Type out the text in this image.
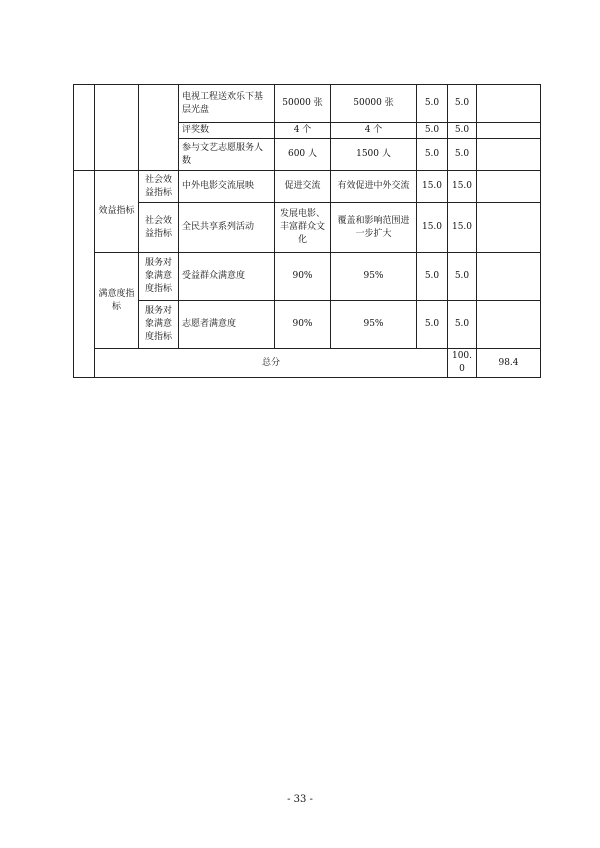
			电视工程送欢乐下基层光盘	50000 张	50000 张	5.0	5.0		
			评奖数	4 个	4 个	5.0	5.0		
			参与文艺志愿服务人数	600 人	1500 人	5.0	5.0		
	效益指标	社会效益指标	中外电影交流展映	促进交流	有效促进中外交流	15.0	15.0		
		社会效益指标	全民共享系列活动	发展电影、丰富群众文化	覆盖和影响范围进一步扩大	15.0	15.0		
	满意度指标	服务对象满意度指标	受益群众满意度	90%	95%	5.0	5.0		
		服务对象满意度指标	志愿者满意度	90%	95%	5.0	5.0		
	总分						100.0	98.4	
- 33 -
